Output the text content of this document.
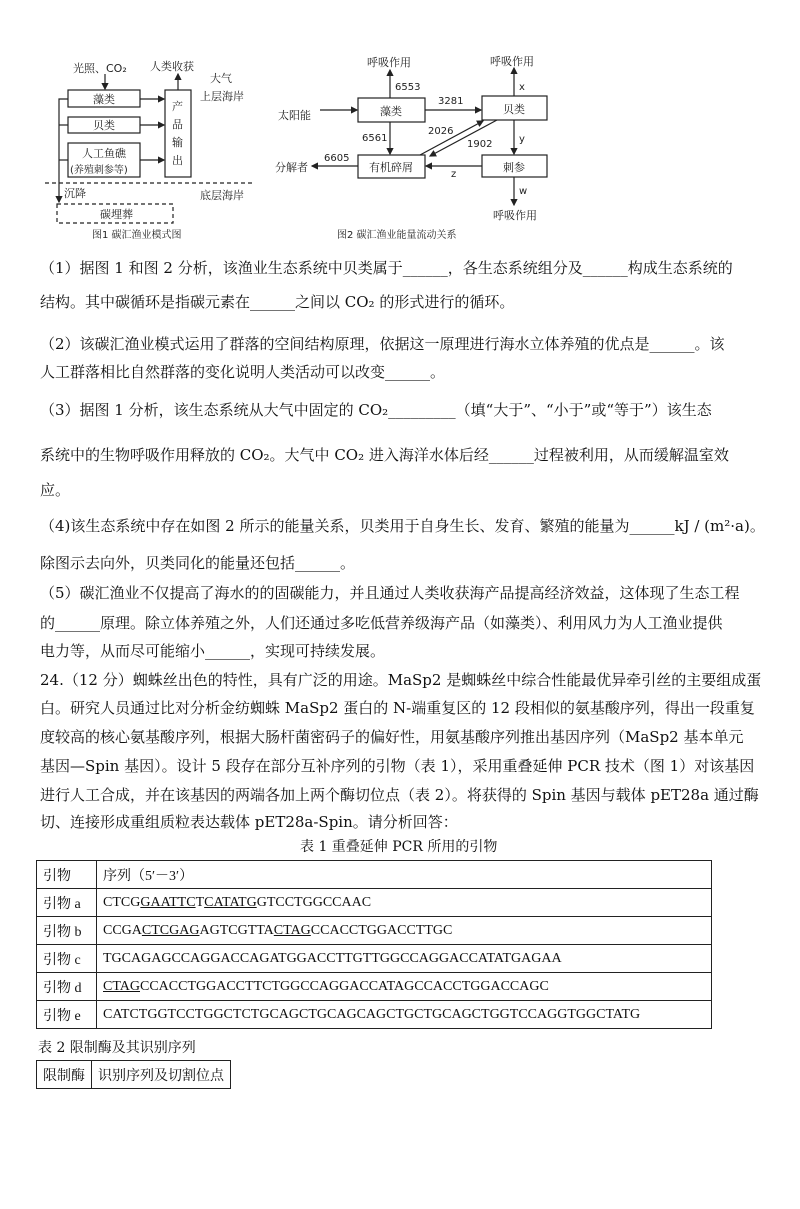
光照、CO₂ 人类收获
大气
上层海岸
藻类
贝类
人工鱼礁
(养殖刺参等)
产
品
输
出
沉降	底层海岸
碳埋葬
图1 碳汇渔业模式图
呼吸作用	呼吸作用
呼吸作用
6553
太阳能	藻类
3281
贝类
x
6561
2026
1902	y
有机碎屑	刺参
6605
分解者
z
w
图2 碳汇渔业能量流动关系
（1）据图 1 和图 2 分析，该渔业生态系统中贝类属于______，各生态系统组分及______构成生态系统的
结构。其中碳循环是指碳元素在______之间以 CO₂ 的形式进行的循环。
（2）该碳汇渔业模式运用了群落的空间结构原理，依据这一原理进行海水立体养殖的优点是______。该
人工群落相比自然群落的变化说明人类活动可以改变______。
（3）据图 1 分析，该生态系统从大气中固定的 CO₂_________（填“大于”、“小于”或“等于”）该生态
系统中的生物呼吸作用释放的 CO₂。大气中 CO₂ 进入海洋水体后经______过程被利用，从而缓解温室效
应。
（4)该生态系统中存在如图 2 所示的能量关系，贝类用于自身生长、发育、繁殖的能量为______kJ / (m²·a)。
除图示去向外，贝类同化的能量还包括______。
（5）碳汇渔业不仅提高了海水的的固碳能力，并且通过人类收获海产品提高经济效益，这体现了生态工程
的______原理。除立体养殖之外，人们还通过多吃低营养级海产品（如藻类）、利用风力为人工渔业提供
电力等，从而尽可能缩小______，实现可持续发展。
24.（12 分）蜘蛛丝出色的特性，具有广泛的用途。MaSp2 是蜘蛛丝中综合性能最优异牵引丝的主要组成蛋
白。研究人员通过比对分析金纺蜘蛛 MaSp2 蛋白的 N-端重复区的 12 段相似的氨基酸序列，得出一段重复
度较高的核心氨基酸序列，根据大肠杆菌密码子的偏好性，用氨基酸序列推出基因序列（MaSp2 基本单元
基因—Spin 基因）。设计 5 段存在部分互补序列的引物（表 1），采用重叠延伸 PCR 技术（图 1）对该基因
进行人工合成，并在该基因的两端各加上两个酶切位点（表 2）。将获得的 Spin 基因与载体 pET28a 通过酶
切、连接形成重组质粒表达载体 pET28a-Spin。请分析回答：
表 1 重叠延伸 PCR 所用的引物
引物	序列（5′－3′）
引物 a	CTCGGAATTCTCATATGGTCCTGGCCAAC
引物 b	CCGACTCGAGAGTCGTTACTAGCCACCTGGACCTTGC
引物 c	TGCAGAGCCAGGACCAGATGGACCTTGTTGGCCAGGACCATATGAGAA
引物 d	CTAGCCACCTGGACCTTCTGGCCAGGACCATAGCCACCTGGACCAGC
引物 e	CATCTGGTCCTGGCTCTGCAGCTGCAGCAGCTGCTGCAGCTGGTCCAGGTGGCTATG
表 2 限制酶及其识别序列
限制酶	识别序列及切割位点
